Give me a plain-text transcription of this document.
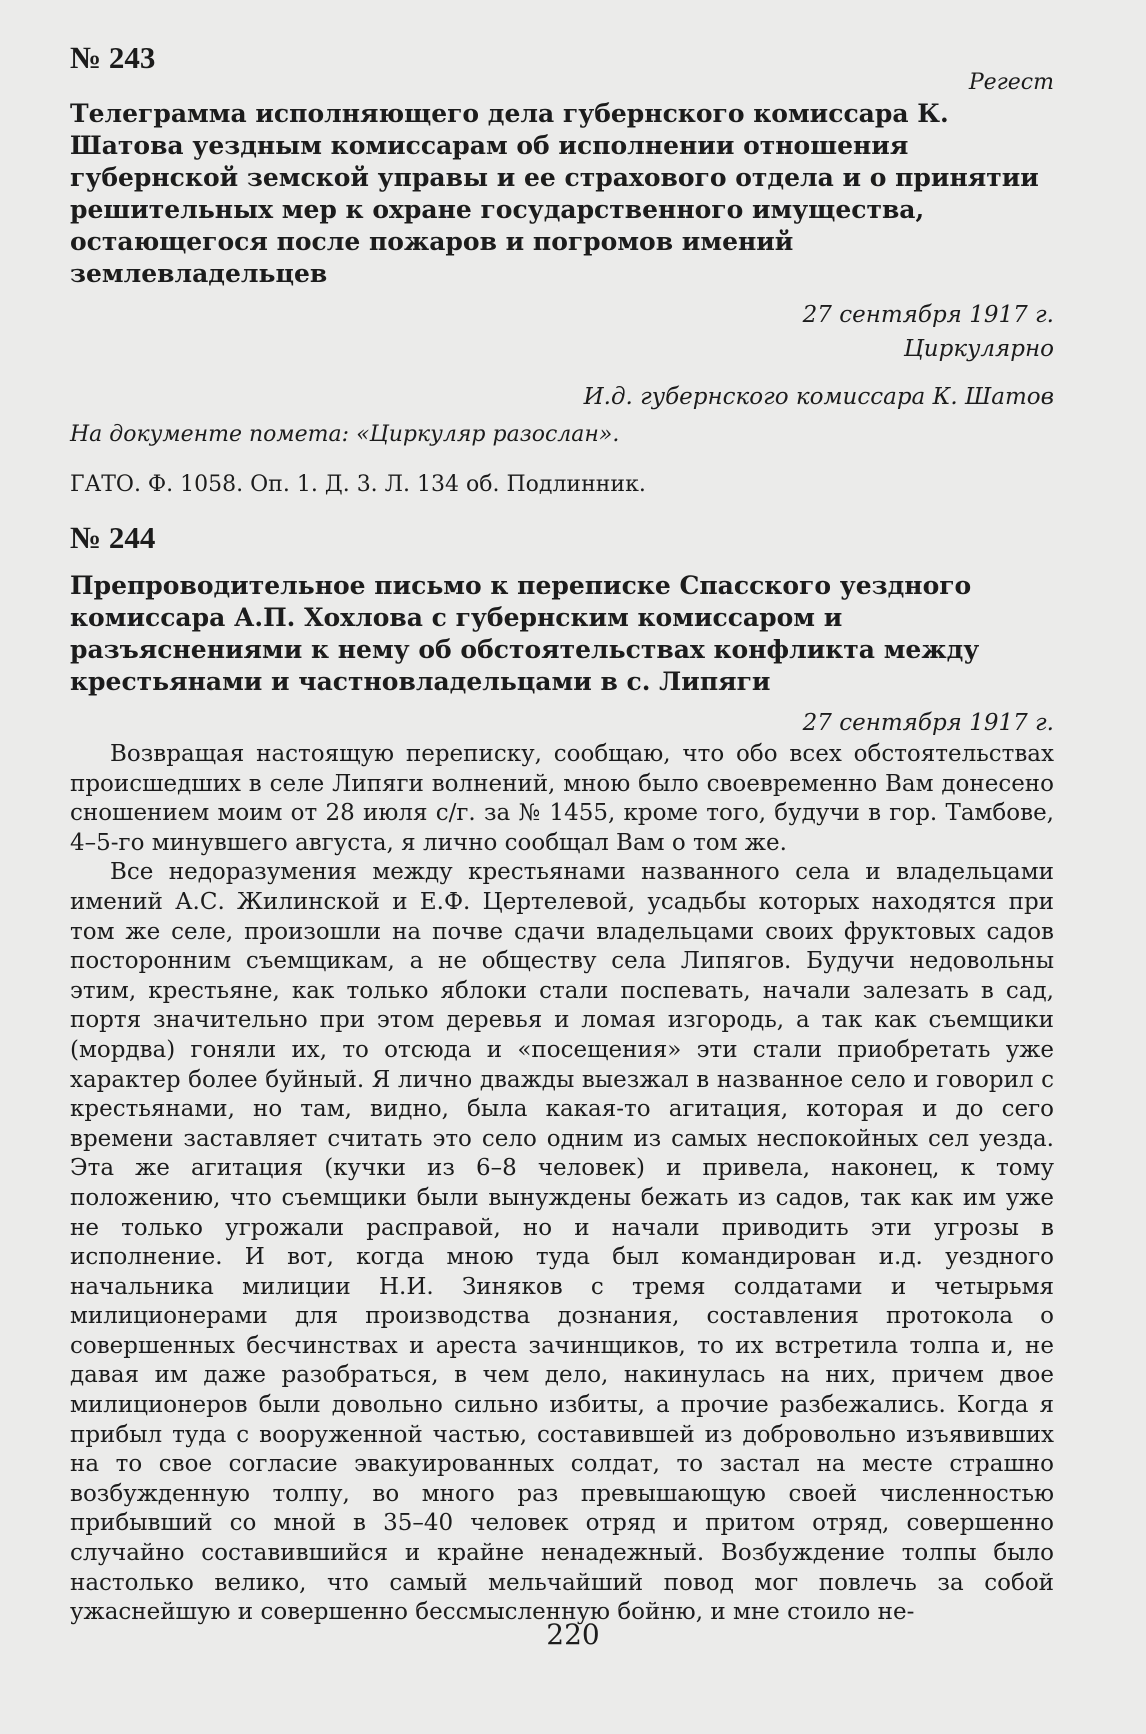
№ 243
Регест
Телеграмма исполняющего дела губернского комиссара К. Шатова уездным комиссарам об исполнении отношения губернской земской управы и ее страхового отдела и о принятии решительных мер к охране государственного имущества, остающегося после пожаров и погромов имений землевладельцев
27 сентября 1917 г.
Циркулярно
И.д. губернского комиссара К. Шатов
На документе помета: «Циркуляр разослан».
ГАТО. Ф. 1058. Оп. 1. Д. 3. Л. 134 об. Подлинник.
№ 244
Препроводительное письмо к переписке Спасского уездного комиссара А.П. Хохлова с губернским комиссаром и разъяснениями к нему об обстоятельствах конфликта между крестьянами и частновладельцами в с. Липяги
27 сентября 1917 г.

Возвращая настоящую переписку, сообщаю, что обо всех обстоятельствах происшедших в селе Липяги волнений, мною было своевременно Вам донесено сношением моим от 28 июля с/г. за № 1455, кроме того, будучи в гор. Тамбове, 4–5-го минувшего августа, я лично сообщал Вам о том же.

Все недоразумения между крестьянами названного села и владельцами имений А.С. Жилинской и Е.Ф. Цертелевой, усадьбы которых находятся при том же селе, произошли на почве сдачи владельцами своих фруктовых садов посторонним съемщикам, а не обществу села Липягов. Будучи недовольны этим, крестьяне, как только яблоки стали поспевать, начали залезать в сад, портя значительно при этом деревья и ломая изгородь, а так как съемщики (мордва) гоняли их, то отсюда и «посещения» эти стали приобретать уже характер более буйный. Я лично дважды выезжал в названное село и говорил с крестьянами, но там, видно, была какая-то агитация, которая и до сего времени заставляет считать это село одним из самых неспокойных сел уезда. Эта же агитация (кучки из 6–8 человек) и привела, наконец, к тому положению, что съемщики были вынуждены бежать из садов, так как им уже не только угрожали расправой, но и начали приводить эти угрозы в исполнение. И вот, когда мною туда был командирован и.д. уездного начальника милиции Н.И. Зиняков с тремя солдатами и четырьмя милиционерами для производства дознания, составления протокола о совершенных бесчинствах и ареста зачинщиков, то их встретила толпа и, не давая им даже разобраться, в чем дело, накинулась на них, причем двое милиционеров были довольно сильно избиты, а прочие разбежались. Когда я прибыл туда с вооруженной частью, составившей из добровольно изъявивших на то свое согласие эвакуированных солдат, то застал на месте страшно возбужденную толпу, во много раз превышающую своей численностью прибывший со мной в 35–40 человек отряд и притом отряд, совершенно случайно составившийся и крайне ненадежный. Возбуждение толпы было настолько велико, что самый мельчайший повод мог повлечь за собой ужаснейшую и совершенно бессмысленную бойню, и мне стоило не-

220
